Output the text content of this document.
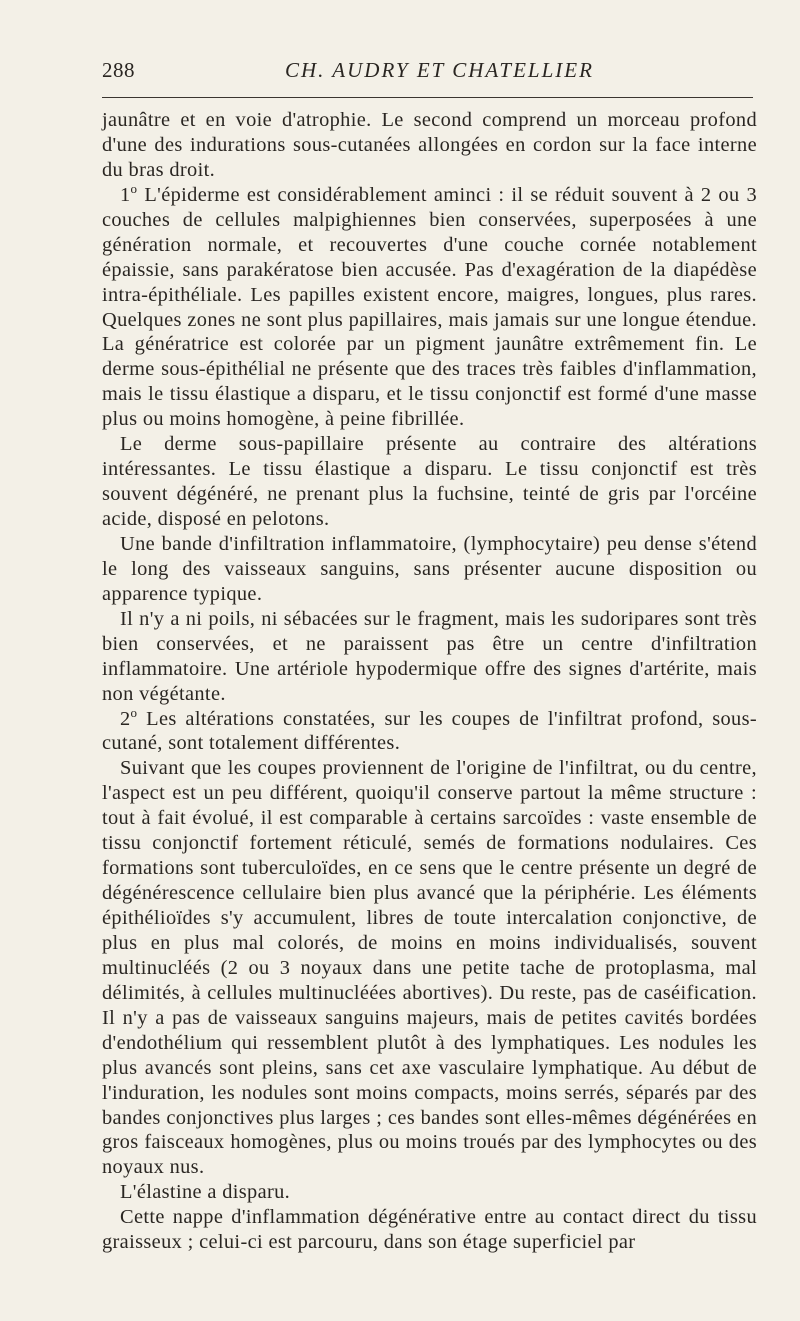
288	CH. AUDRY ET CHATELLIER

jaunâtre et en voie d'atrophie. Le second comprend un morceau profond d'une des indurations sous-cutanées allongées en cordon sur la face interne du bras droit.

1$^o$ L'épiderme est considérablement aminci : il se réduit souvent à 2 ou 3 couches de cellules malpighiennes bien conservées, superposées à une génération normale, et recouvertes d'une couche cornée notablement épaissie, sans parakératose bien accusée. Pas d'exagération de la diapédèse intra-épithéliale. Les papilles existent encore, maigres, longues, plus rares. Quelques zones ne sont plus papillaires, mais jamais sur une longue étendue. La génératrice est colorée par un pigment jaunâtre extrêmement fin. Le derme sous-épithélial ne présente que des traces très faibles d'inflammation, mais le tissu élastique a disparu, et le tissu conjonctif est formé d'une masse plus ou moins homogène, à peine fibrillée.

Le derme sous-papillaire présente au contraire des altérations intéressantes. Le tissu élastique a disparu. Le tissu conjonctif est très souvent dégénéré, ne prenant plus la fuchsine, teinté de gris par l'orcéine acide, disposé en pelotons.

Une bande d'infiltration inflammatoire, (lymphocytaire) peu dense s'étend le long des vaisseaux sanguins, sans présenter aucune disposition ou apparence typique.

Il n'y a ni poils, ni sébacées sur le fragment, mais les sudoripares sont très bien conservées, et ne paraissent pas être un centre d'infiltration inflammatoire. Une artériole hypodermique offre des signes d'artérite, mais non végétante.

2$^o$ Les altérations constatées, sur les coupes de l'infiltrat profond, sous-cutané, sont totalement différentes.

Suivant que les coupes proviennent de l'origine de l'infiltrat, ou du centre, l'aspect est un peu différent, quoiqu'il conserve partout la même structure : tout à fait évolué, il est comparable à certains sarcoïdes : vaste ensemble de tissu conjonctif fortement réticulé, semés de formations nodulaires. Ces formations sont tuberculoïdes, en ce sens que le centre présente un degré de dégénérescence cellulaire bien plus avancé que la périphérie. Les éléments épithélioïdes s'y accumulent, libres de toute intercalation conjonctive, de plus en plus mal colorés, de moins en moins individualisés, souvent multinucléés (2 ou 3 noyaux dans une petite tache de protoplasma, mal délimités, à cellules multinucléées abortives). Du reste, pas de caséification. Il n'y a pas de vaisseaux sanguins majeurs, mais de petites cavités bordées d'endothélium qui ressemblent plutôt à des lymphatiques. Les nodules les plus avancés sont pleins, sans cet axe vasculaire lymphatique. Au début de l'induration, les nodules sont moins compacts, moins serrés, séparés par des bandes conjonctives plus larges ; ces bandes sont elles-mêmes dégénérées en gros faisceaux homogènes, plus ou moins troués par des lymphocytes ou des noyaux nus.

L'élastine a disparu.

Cette nappe d'inflammation dégénérative entre au contact direct du tissu graisseux ; celui-ci est parcouru, dans son étage superficiel par
